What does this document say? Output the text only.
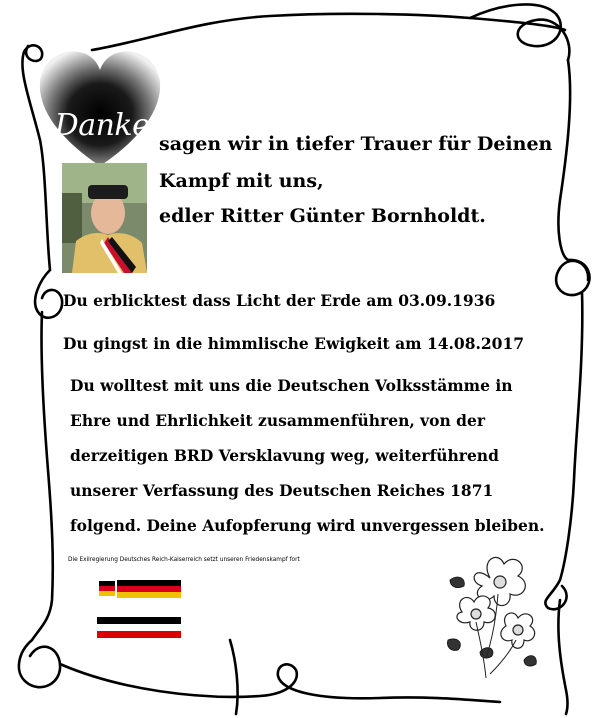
Danke
sagen wir in tiefer Trauer für Deinen
Kampf mit uns,
edler Ritter Günter Bornholdt.
Du erblicktest dass Licht der Erde am 03.09.1936
Du gingst in die himmlische Ewigkeit am 14.08.2017
Du wolltest mit uns die Deutschen Volksstämme in
Ehre und Ehrlichkeit zusammenführen, von der
derzeitigen BRD Versklavung weg, weiterführend
unserer Verfassung des Deutschen Reiches 1871
folgend. Deine Aufopferung wird unvergessen bleiben.
Die Exilregierung Deutsches Reich-Kaiserreich setzt unseren Friedenskampf fort
